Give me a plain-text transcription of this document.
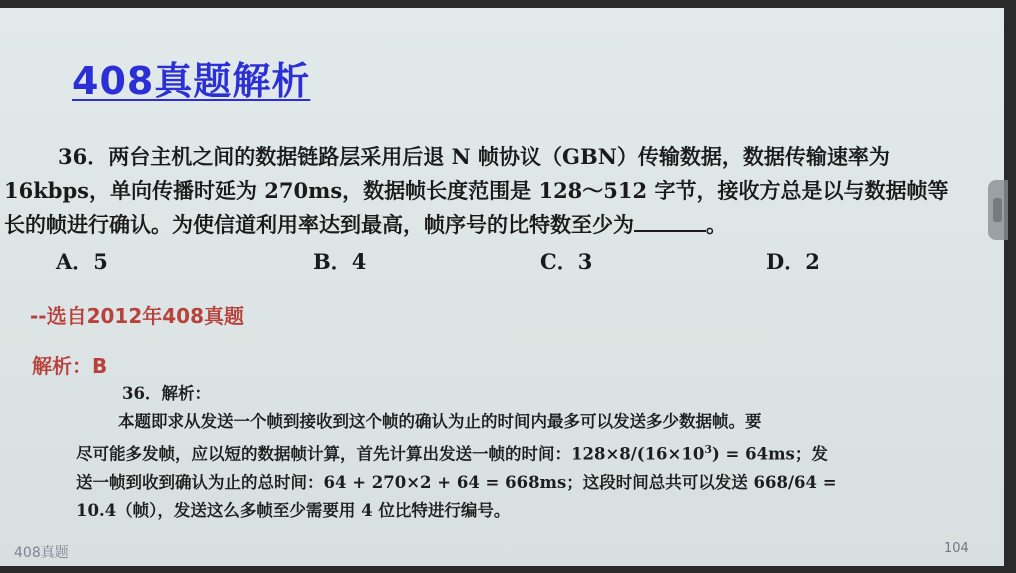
408真题解析
36．两台主机之间的数据链路层采用后退 N 帧协议（GBN）传输数据，数据传输速率为
16kbps，单向传播时延为 270ms，数据帧长度范围是 128～512 字节，接收方总是以与数据帧等
长的帧进行确认。为使信道利用率达到最高，帧序号的比特数至少为	。
A．5	B．4	C．3	D．2
--选自2012年408真题
解析：B
36．解析：
本题即求从发送一个帧到接收到这个帧的确认为止的时间内最多可以发送多少数据帧。要
尽可能多发帧，应以短的数据帧计算，首先计算出发送一帧的时间：$128\times 8/(16\times 10^3) = 64ms$；发
送一帧到收到确认为止的总时间：64 + 270×2 + 64 = 668ms；这段时间总共可以发送 668/64 =
10.4（帧），发送这么多帧至少需要用 4 位比特进行编号。
408真题	104
